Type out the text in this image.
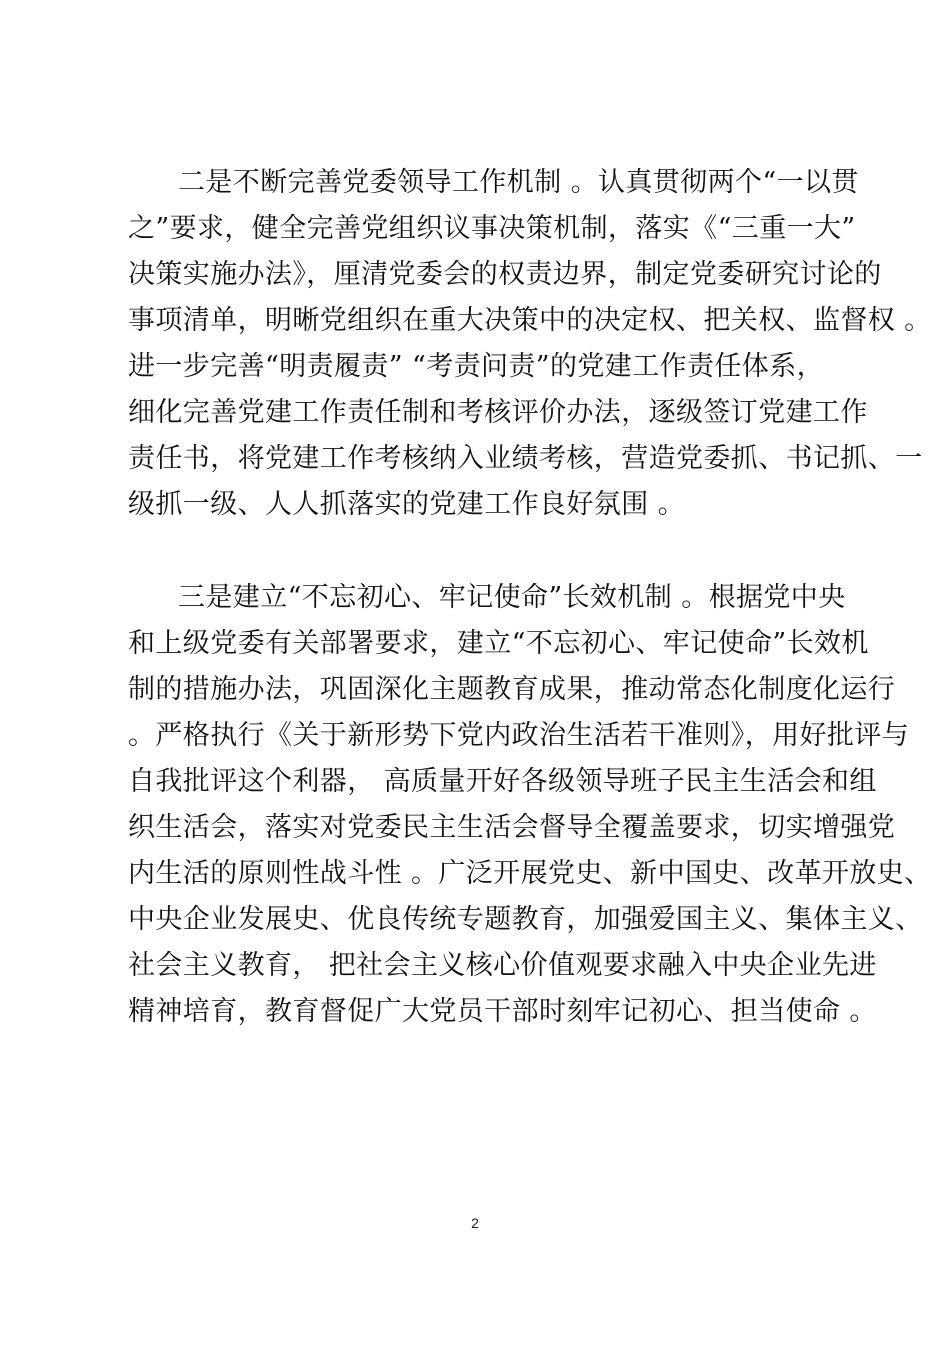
二是不断完善党委领导工作机制 。认真贯彻两个“一以贯
之”要求，健全完善党组织议事决策机制，落实《“三重一大”
决策实施办法》，厘清党委会的权责边界，制定党委研究讨论的
事项清单，明晰党组织在重大决策中的决定权、把关权、监督权 。
进一步完善“明责履责” “考责问责”的党建工作责任体系，
细化完善党建工作责任制和考核评价办法，逐级签订党建工作
责任书，将党建工作考核纳入业绩考核，营造党委抓、书记抓、一
级抓一级、人人抓落实的党建工作良好氛围 。
三是建立“不忘初心、牢记使命”长效机制 。根据党中央
和上级党委有关部署要求，建立“不忘初心、牢记使命”长效机
制的措施办法，巩固深化主题教育成果，推动常态化制度化运行
。严格执行《关于新形势下党内政治生活若干准则》，用好批评与
自我批评这个利器， 高质量开好各级领导班子民主生活会和组
织生活会，落实对党委民主生活会督导全覆盖要求，切实增强党
内生活的原则性战斗性 。广泛开展党史、新中国史、改革开放史、
中央企业发展史、优良传统专题教育，加强爱国主义、集体主义、
社会主义教育， 把社会主义核心价值观要求融入中央企业先进
精神培育，教育督促广大党员干部时刻牢记初心、担当使命 。
2
